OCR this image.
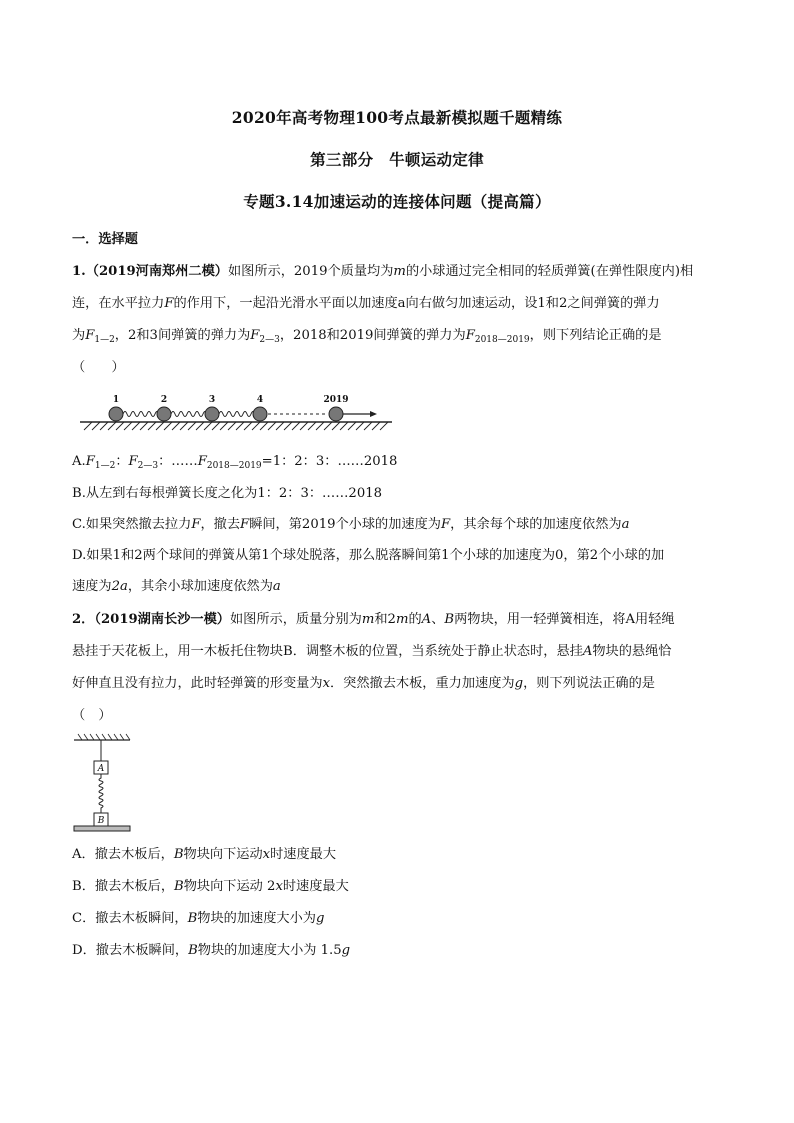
2020年高考物理100考点最新模拟题千题精练
第三部分　牛顿运动定律
专题3.14加速运动的连接体问题（提高篇）
一．选择题
1.（2019河南郑州二模）如图所示，2019个质量均为m的小球通过完全相同的轻质弹簧(在弹性限度内)相
连，在水平拉力F的作用下，一起沿光滑水平面以加速度a向右做匀加速运动，设1和2之间弹簧的弹力
为$F_{1—2}$，2和3间弹簧的弹力为$F_{2—3}$，2018和2019间弹簧的弹力为$F_{2018—2019}$，则下列结论正确的是
（　　）
1	2	3	4	2019
$A.F_{1—2}$：$F_{2—3}$：$\dots\dots F_{2018—2019}=1$：2：3：……2018
B.从左到右每根弹簧长度之化为1：2：3：……2018
C.如果突然撤去拉力F，撤去F瞬间，第2019个小球的加速度为F，其余每个球的加速度依然为a
D.如果1和2两个球间的弹簧从第1个球处脱落，那么脱落瞬间第1个小球的加速度为0，第2个小球的加
速度为2a，其余小球加速度依然为a
2．（2019湖南长沙一模）如图所示，质量分别为m和2m的A、B两物块，用一轻弹簧相连，将A用轻绳
悬挂于天花板上，用一木板托住物块B．调整木板的位置，当系统处于静止状态时，悬挂A物块的悬绳恰
好伸直且没有拉力，此时轻弹簧的形变量为x．突然撤去木板，重力加速度为g，则下列说法正确的是
（　）
A
B
A．撤去木板后，B物块向下运动x时速度最大
B．撤去木板后，B物块向下运动 2x时速度最大
C．撤去木板瞬间，B物块的加速度大小为g
D．撤去木板瞬间，B物块的加速度大小为 1.5g
